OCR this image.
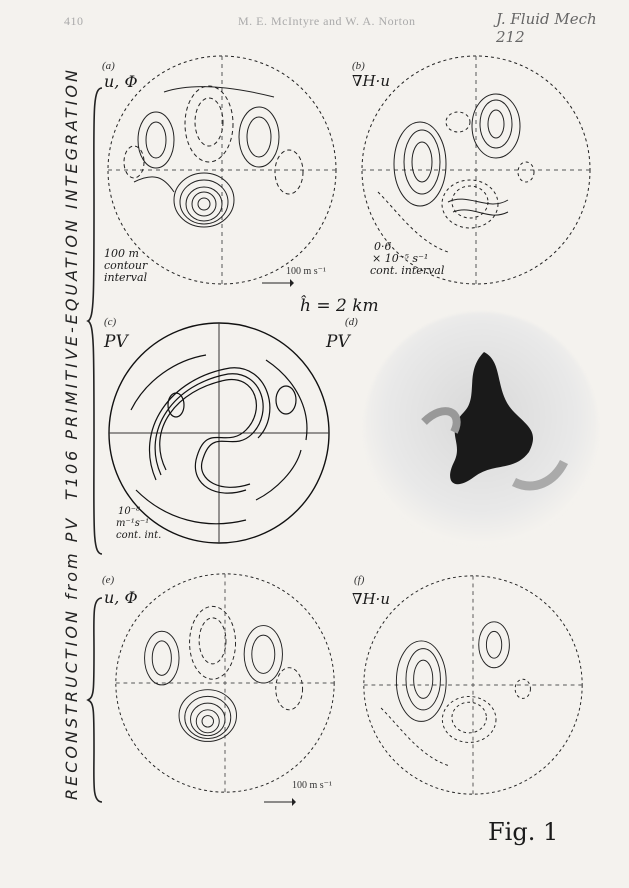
410	M. E. McIntyre and W. A. Norton	J. Fluid Mech 212
T106 PRIMITIVE-EQUATION INTEGRATION
RECONSTRUCTION from PV
(a)
u, Φ
100 m
contour
interval	100 m s⁻¹
(b)
∇H·u
0·6
× 10⁻⁵ s⁻¹
cont. interval
ĥ = 2 km
(c)
PV
10⁻⁸
m⁻¹s⁻¹
cont. int.
(d)
PV
(e)
u, Φ
100 m s⁻¹
(f)
∇H·u
Fig. 1
